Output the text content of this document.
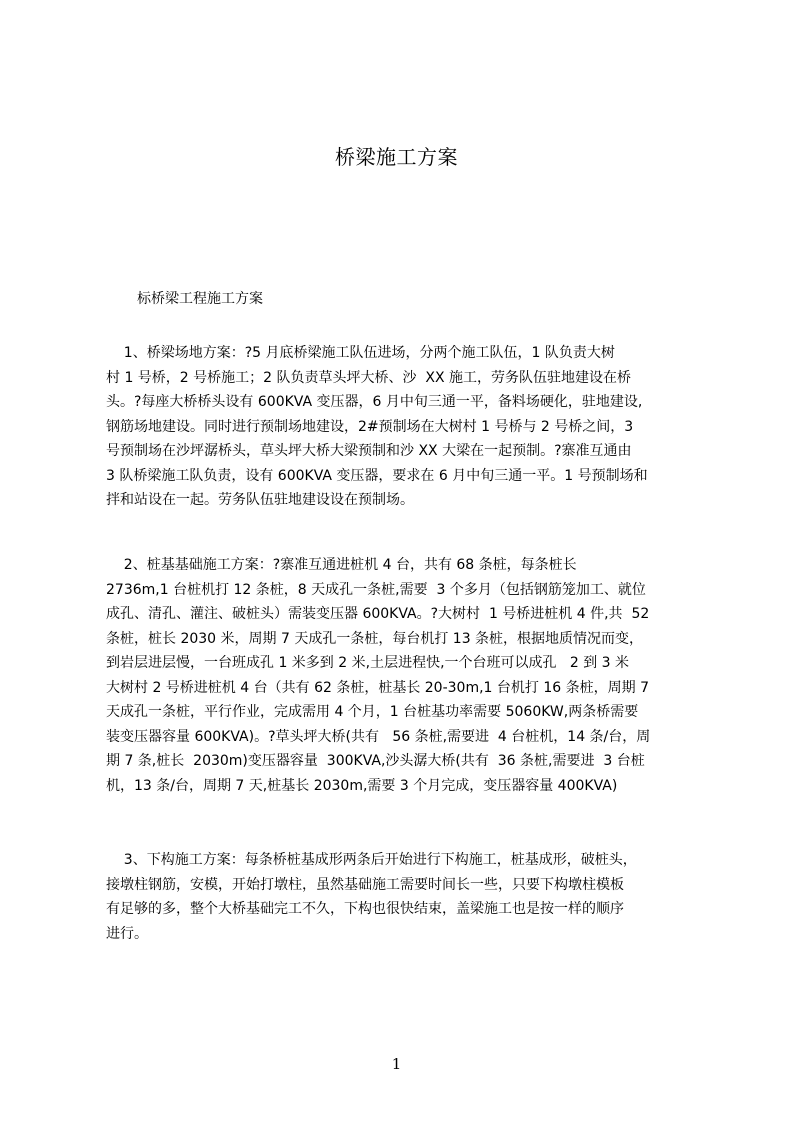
桥梁施工方案
标桥梁工程施工方案
1、桥梁场地方案：?5 月底桥梁施工队伍进场，分两个施工队伍，1 队负责大树
村 1 号桥，2 号桥施工；2 队负责草头坪大桥、沙  XX 施工，劳务队伍驻地建设在桥
头。?每座大桥桥头设有 600KVA 变压器，6 月中旬三通一平，备料场硬化，驻地建设,
钢筋场地建设。同时进行预制场地建设，2#预制场在大树村 1 号桥与 2 号桥之间，3
号预制场在沙坪潺桥头，草头坪大桥大梁预制和沙 XX 大梁在一起预制。?寨准互通由
3 队桥梁施工队负责，设有 600KVA 变压器，要求在 6 月中旬三通一平。1 号预制场和
拌和站设在一起。劳务队伍驻地建设设在预制场。
2、桩基基础施工方案：?寨准互通进桩机 4 台，共有 68 条桩，每条桩长
2736m,1 台桩机打 12 条桩，8 天成孔一条桩,需要  3 个多月（包括钢筋笼加工、就位
成孔、清孔、灌注、破桩头）需装变压器 600KVA。?大树村  1 号桥进桩机 4 件,共  52
条桩，桩长 2030 米，周期 7 天成孔一条桩，每台机打 13 条桩，根据地质情况而变，
到岩层进层慢，一台班成孔 1 米多到 2 米,土层进程快,一个台班可以成孔   2 到 3 米
大树村 2 号桥进桩机 4 台（共有 62 条桩，桩基长 20-30m,1 台机打 16 条桩，周期 7
天成孔一条桩，平行作业，完成需用 4 个月，1 台桩基功率需要 5060KW,两条桥需要
装变压器容量 600KVA)。?草头坪大桥(共有   56 条桩,需要进  4 台桩机，14 条/台，周
期 7 条,桩长  2030m)变压器容量  300KVA,沙头潺大桥(共有  36 条桩,需要进  3 台桩
机，13 条/台，周期 7 天,桩基长 2030m,需要 3 个月完成，变压器容量 400KVA)
3、下构施工方案：每条桥桩基成形两条后开始进行下构施工，桩基成形，破桩头，
接墩柱钢筋，安模，开始打墩柱，虽然基础施工需要时间长一些，只要下构墩柱模板
有足够的多，整个大桥基础完工不久，下构也很快结束，盖梁施工也是按一样的顺序
进行。
1
